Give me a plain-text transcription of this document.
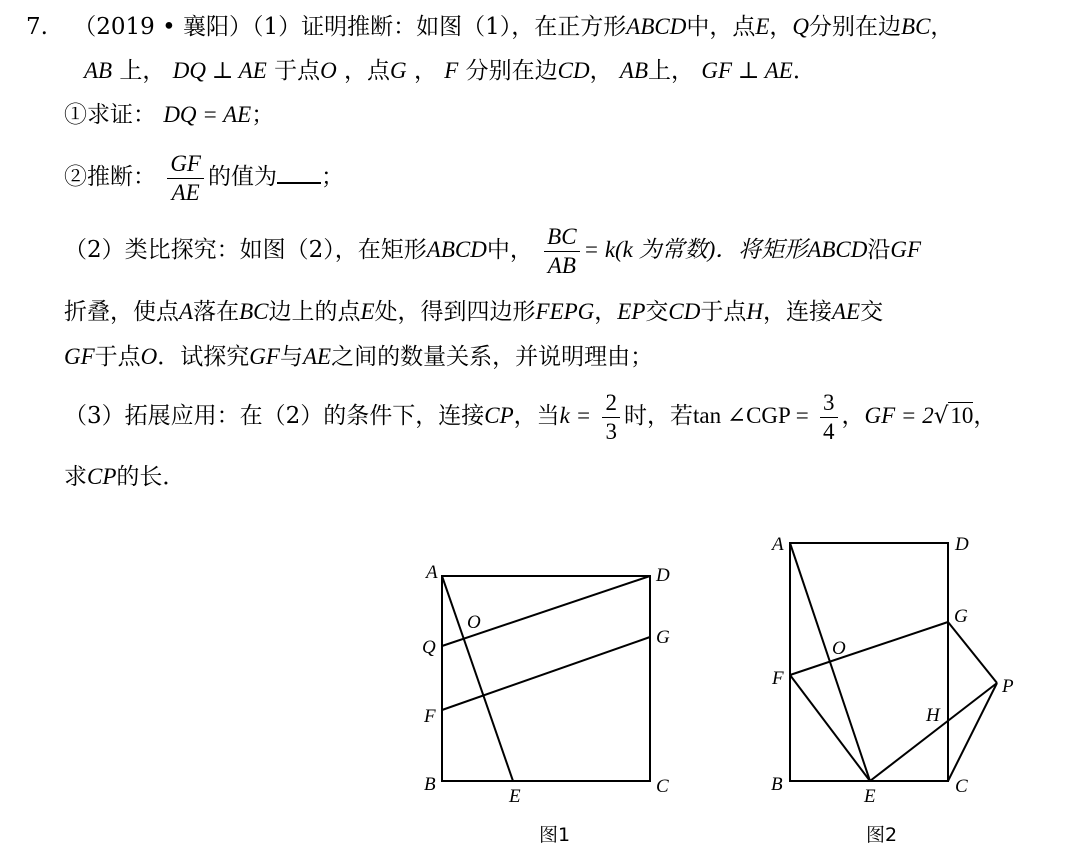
7. （2019 • 襄阳）（1）证明推断：如图（1），在正方形ABCD中，点E，Q分别在边BC，
AB 上， DQ ⊥ AE 于点O ，点G ， F 分别在边CD， AB上， GF ⊥ AE．
①求证： DQ = AE；
②推断： $\frac{GF}{AE}$ 的值为 ；
（2）类比探究：如图（2），在矩形ABCD中， $\frac{BC}{AB} = k(k$ 为常数)．将矩形ABCD沿GF
折叠，使点A落在BC边上的点E处，得到四边形FEPG，EP交CD于点H，连接AE交
GF于点O．试探究GF与AE之间的数量关系，并说明理由；
（3）拓展应用：在（2）的条件下，连接CP，当$k = \frac{2}{3}$ 时，若tan ∠CGP = $\frac{3}{4}$ ，GF = 2√10，
求CP的长．
A	D
O
Q	G
F
B
E	C
图1
A	D
G
O
F	P
H
B
E	C
图2
